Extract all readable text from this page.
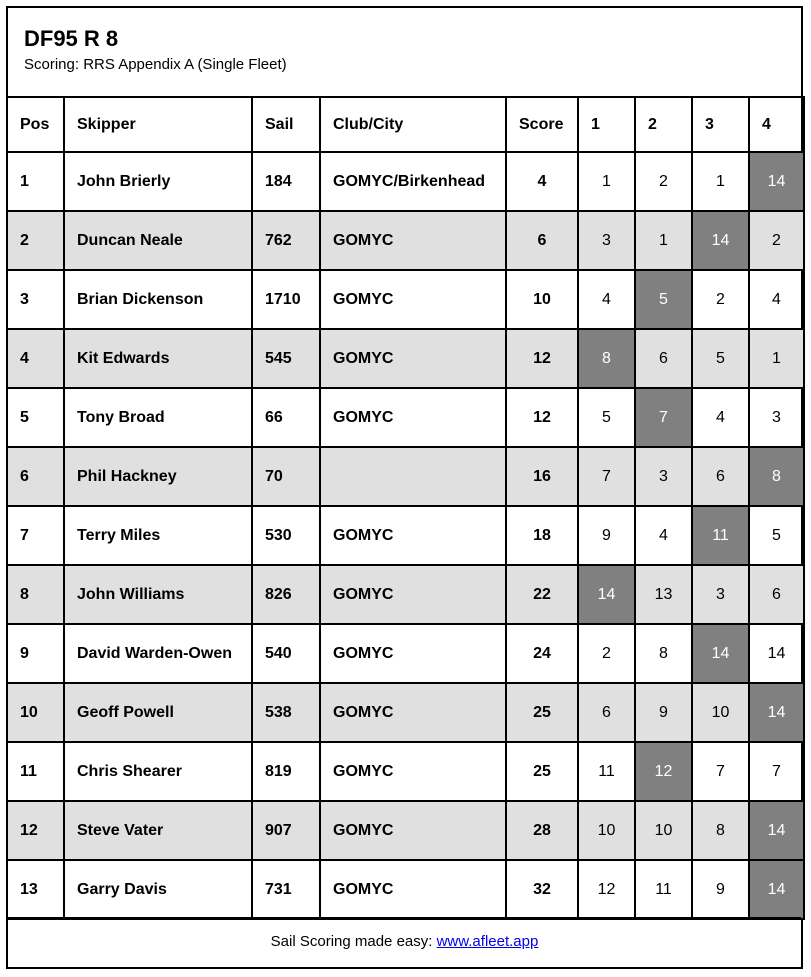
DF95 R 8
Scoring: RRS Appendix A (Single Fleet)
Pos	Skipper	Sail	Club/City	Score	1	2	3	4
1	John Brierly	184	GOMYC/Birkenhead	4	1	2	1	14
2	Duncan Neale	762	GOMYC	6	3	1	14	2
3	Brian Dickenson	1710	GOMYC	10	4	5	2	4
4	Kit Edwards	545	GOMYC	12	8	6	5	1
5	Tony Broad	66	GOMYC	12	5	7	4	3
6	Phil Hackney	70		16	7	3	6	8
7	Terry Miles	530	GOMYC	18	9	4	11	5
8	John Williams	826	GOMYC	22	14	13	3	6
9	David Warden-Owen	540	GOMYC	24	2	8	14	14
10	Geoff Powell	538	GOMYC	25	6	9	10	14
11	Chris Shearer	819	GOMYC	25	11	12	7	7
12	Steve Vater	907	GOMYC	28	10	10	8	14
13	Garry Davis	731	GOMYC	32	12	11	9	14
Sail Scoring made easy: www.afleet.app
